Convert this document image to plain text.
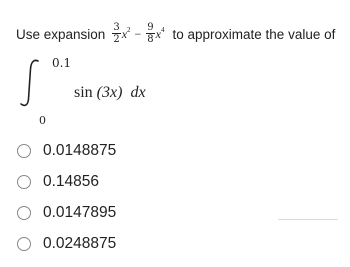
Use expansion $\frac{3}{2} x^2 - \frac{9}{8} x^4$ to approximate the value of
0.1
0
sin (3x) dx
0.0148875
0.14856
0.0147895
0.0248875
